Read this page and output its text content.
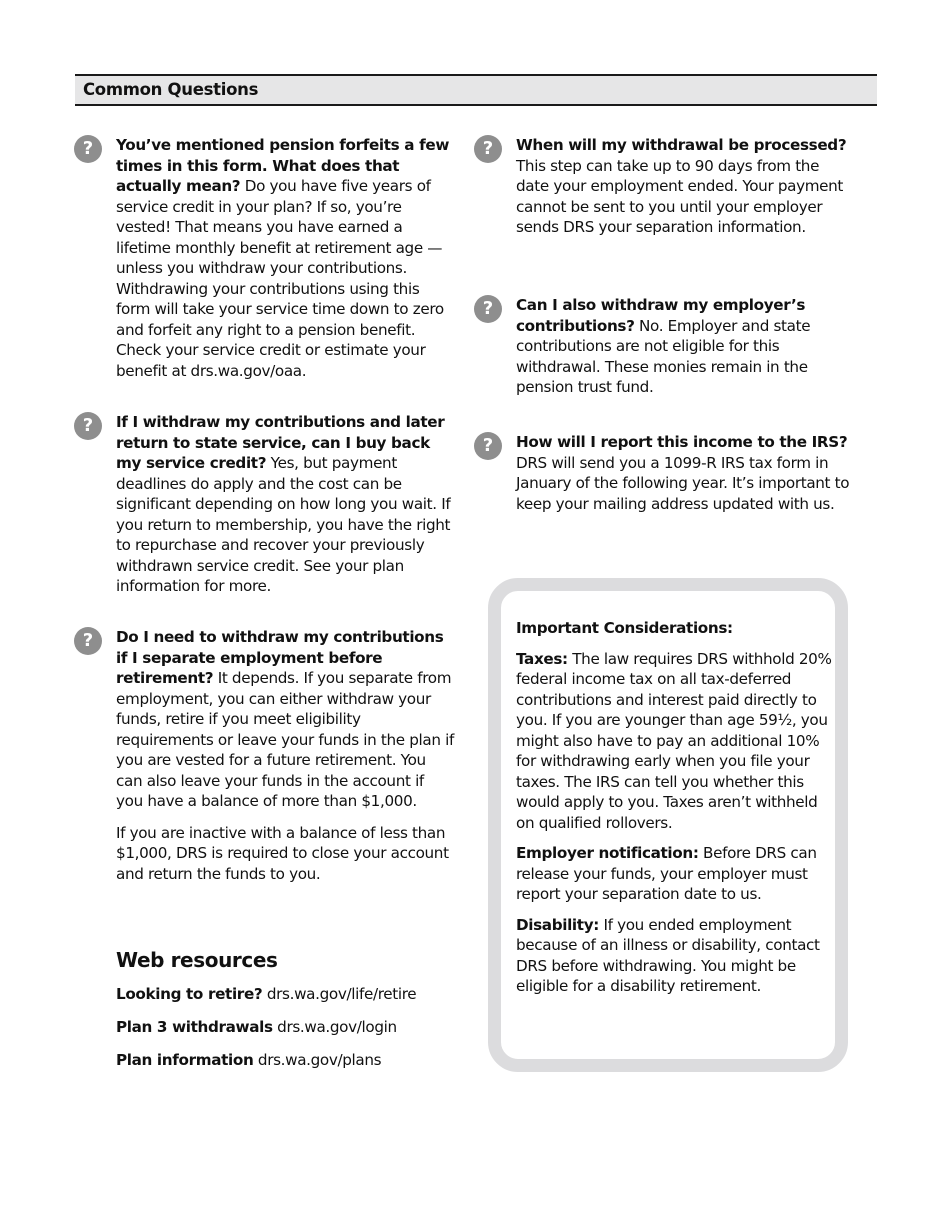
Common Questions
?	You’ve mentioned pension forfeits a few times in this form. What does that actually mean? Do you have five years of service credit in your plan? If so, you’re vested! That means you have earned a lifetime monthly benefit at retirement age — unless you withdraw your contributions. Withdrawing your contributions using this form will take your service time down to zero and forfeit any right to a pension benefit. Check your service credit or estimate your benefit at drs.wa.gov/oaa.

?	If I withdraw my contributions and later return to state service, can I buy back my service credit? Yes, but payment deadlines do apply and the cost can be significant depending on how long you wait. If you return to membership, you have the right to repurchase and recover your previously withdrawn service credit. See your plan information for more.

?	Do I need to withdraw my contributions if I separate employment before retirement? It depends. If you separate from employment, you can either withdraw your funds, retire if you meet eligibility requirements or leave your funds in the plan if you are vested for a future retirement. You can also leave your funds in the account if you have a balance of more than $1,000.

If you are inactive with a balance of less than $1,000, DRS is required to close your account and return the funds to you.

Web resources
Looking to retire? drs.wa.gov/life/retire
Plan 3 withdrawals drs.wa.gov/login
Plan information drs.wa.gov/plans
?	When will my withdrawal be processed? This step can take up to 90 days from the date your employment ended. Your payment cannot be sent to you until your employer sends DRS your separation information.

?	Can I also withdraw my employer’s contributions? No. Employer and state contributions are not eligible for this withdrawal. These monies remain in the pension trust fund.

?	How will I report this income to the IRS? DRS will send you a 1099-R IRS tax form in January of the following year. It’s important to keep your mailing address updated with us.

Important Considerations:

Taxes: The law requires DRS withhold 20% federal income tax on all tax-deferred contributions and interest paid directly to you. If you are younger than age 59½, you might also have to pay an additional 10% for withdrawing early when you file your taxes. The IRS can tell you whether this would apply to you. Taxes aren’t withheld on qualified rollovers.

Employer notification: Before DRS can release your funds, your employer must report your separation date to us.

Disability: If you ended employment because of an illness or disability, contact DRS before withdrawing. You might be eligible for a disability retirement.
